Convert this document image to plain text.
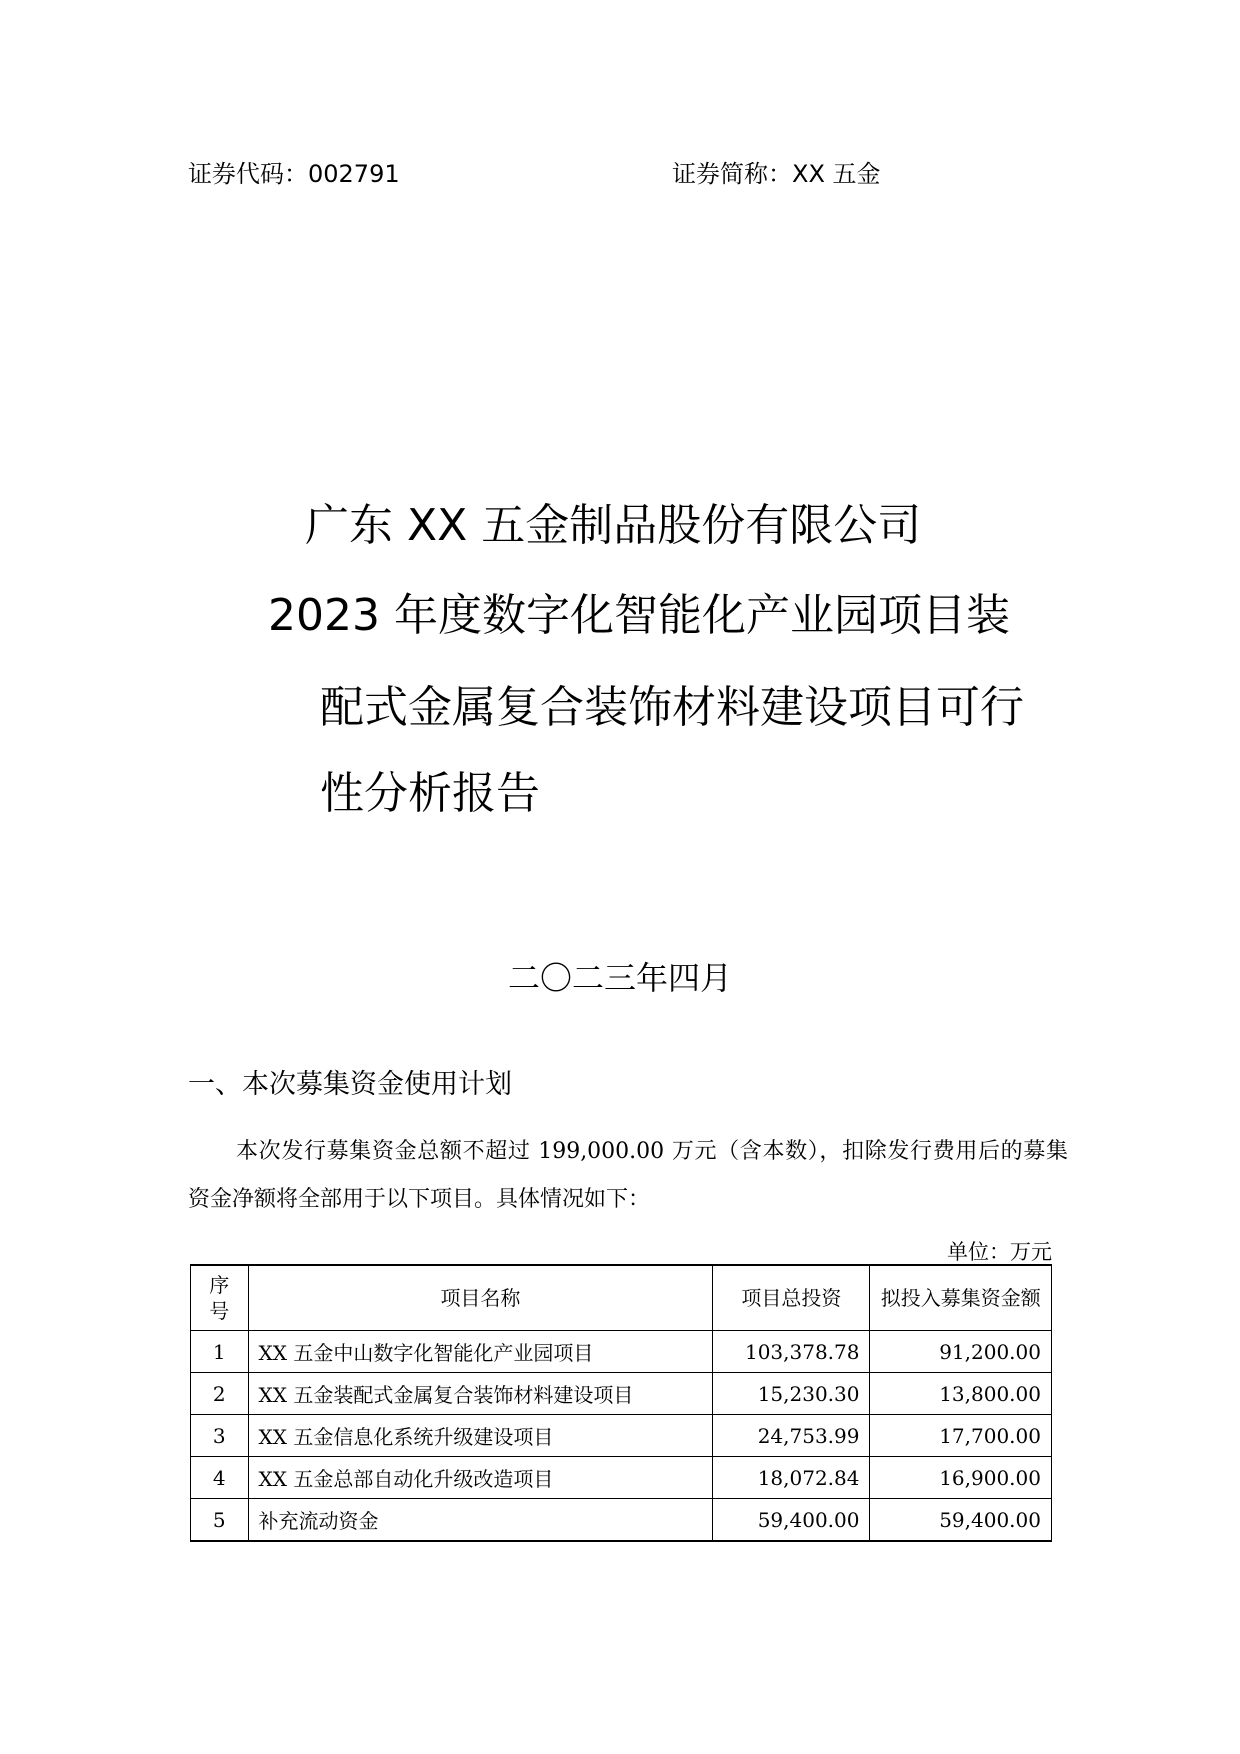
证券代码：002791	证券简称：XX 五金
广东 XX 五金制品股份有限公司
2023 年度数字化智能化产业园项目装
配式金属复合装饰材料建设项目可行
性分析报告
二〇二三年四月
一、本次募集资金使用计划
本次发行募集资金总额不超过 199,000.00 万元（含本数），扣除发行费用后的募集资金净额将全部用于以下项目。具体情况如下：
单位：万元
序号	项目名称	项目总投资	拟投入募集资金额
1	XX 五金中山数字化智能化产业园项目	103,378.78	91,200.00
2	XX 五金装配式金属复合装饰材料建设项目	15,230.30	13,800.00
3	XX 五金信息化系统升级建设项目	24,753.99	17,700.00
4	XX 五金总部自动化升级改造项目	18,072.84	16,900.00
5	补充流动资金	59,400.00	59,400.00
